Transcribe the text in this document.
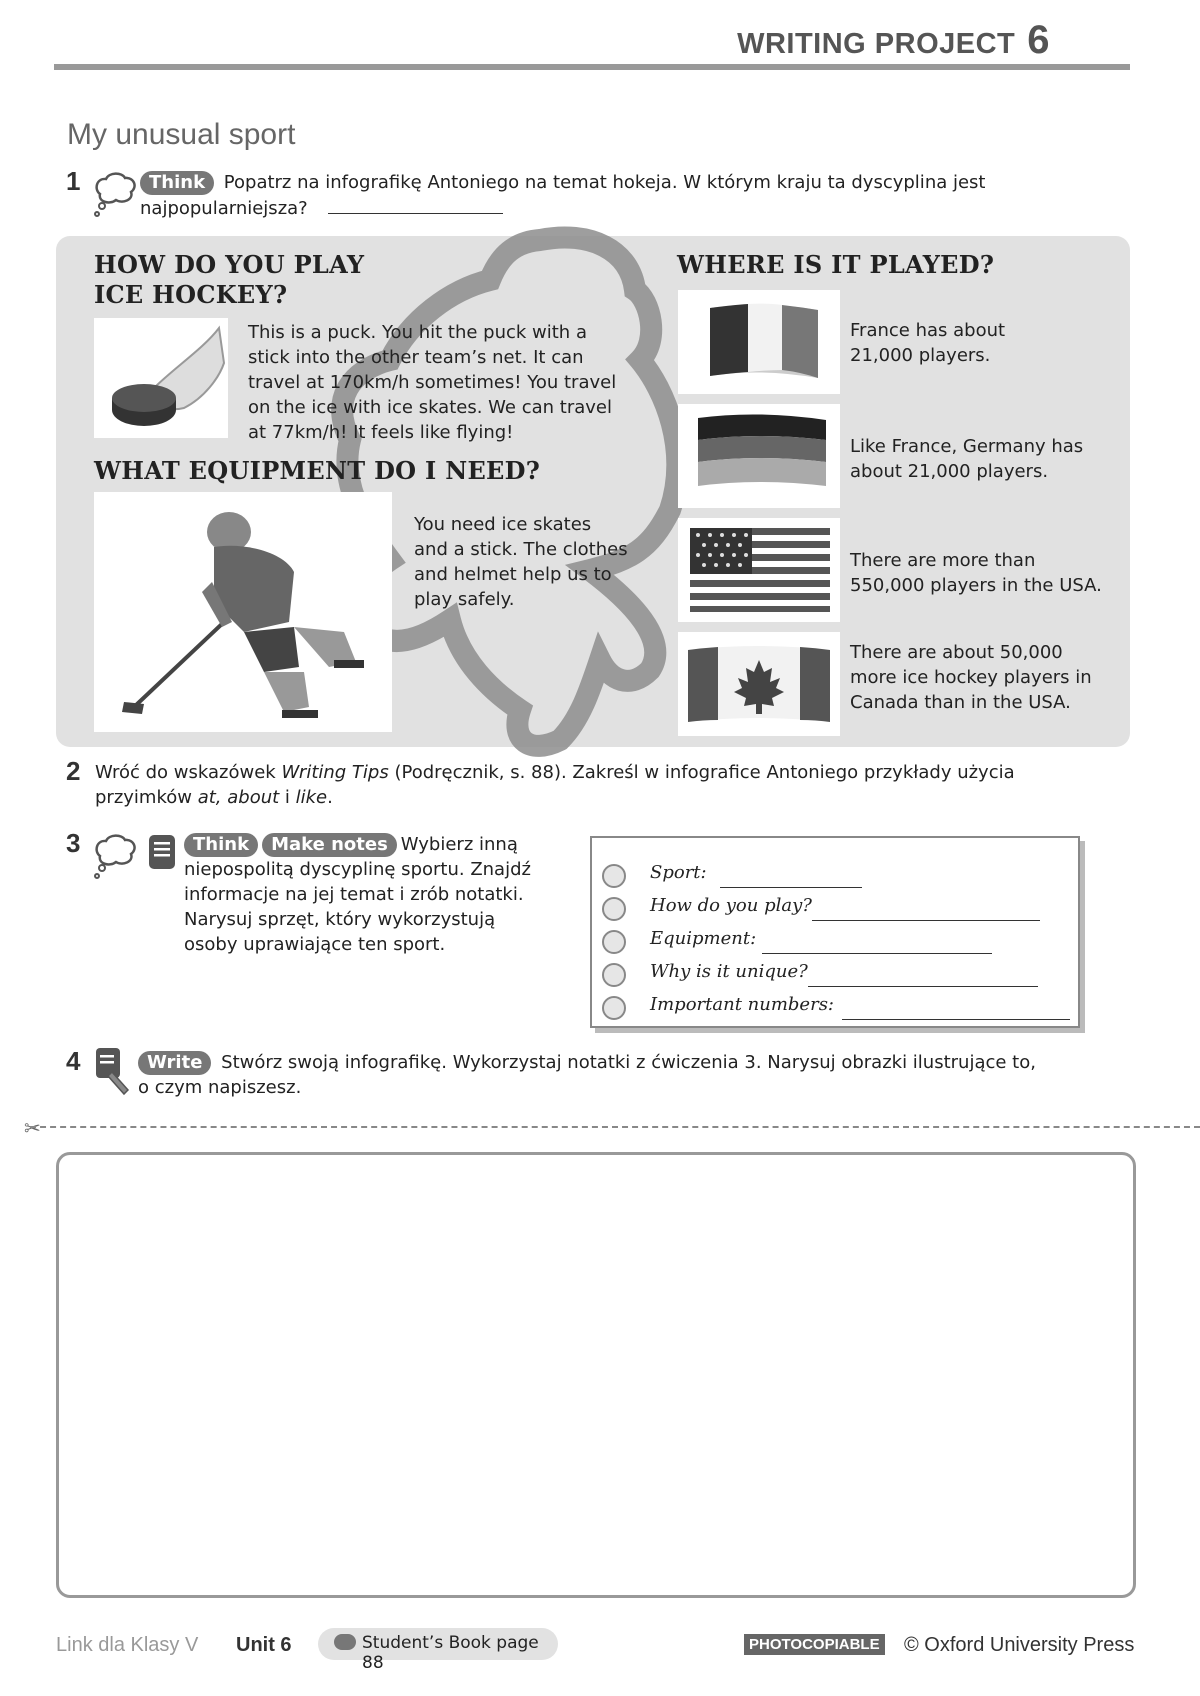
WRITING PROJECT 6
My unusual sport
1	Think Popatrz na infografikę Antoniego na temat hokeja. W którym kraju ta dyscyplina jest
najpopularniejsza?
HOW DO YOU PLAY
ICE HOCKEY?
This is a puck. You hit the puck with a
stick into the other team’s net. It can
travel at 170km/h sometimes! You travel
on the ice with ice skates. We can travel
at 77km/h! It feels like flying!
WHAT EQUIPMENT DO I NEED?
You need ice skates
and a stick. The clothes
and helmet help us to
play safely.
WHERE IS IT PLAYED?
France has about
21,000 players.
Like France, Germany has
about 21,000 players.
There are more than
550,000 players in the USA.
There are about 50,000
more ice hockey players in
Canada than in the USA.
2 Wróć do wskazówek Writing Tips (Podręcznik, s. 88). Zakreśl w infografice Antoniego przykłady użycia
przyimków at, about i like.
3	Think Make notes Wybierz inną
niepospolitą dyscyplinę sportu. Znajdź
informacje na jej temat i zrób notatki.
Narysuj sprzęt, który wykorzystują
osoby uprawiające ten sport.
Sport:
How do you play?
Equipment:
Why is it unique?
Important numbers:
4	Write Stwórz swoją infografikę. Wykorzystaj notatki z ćwiczenia 3. Narysuj obrazki ilustrujące to,
o czym napiszesz.
✂
Link dla Klasy V Unit 6	Student’s Book page 88
PHOTOCOPIABLE © Oxford University Press
